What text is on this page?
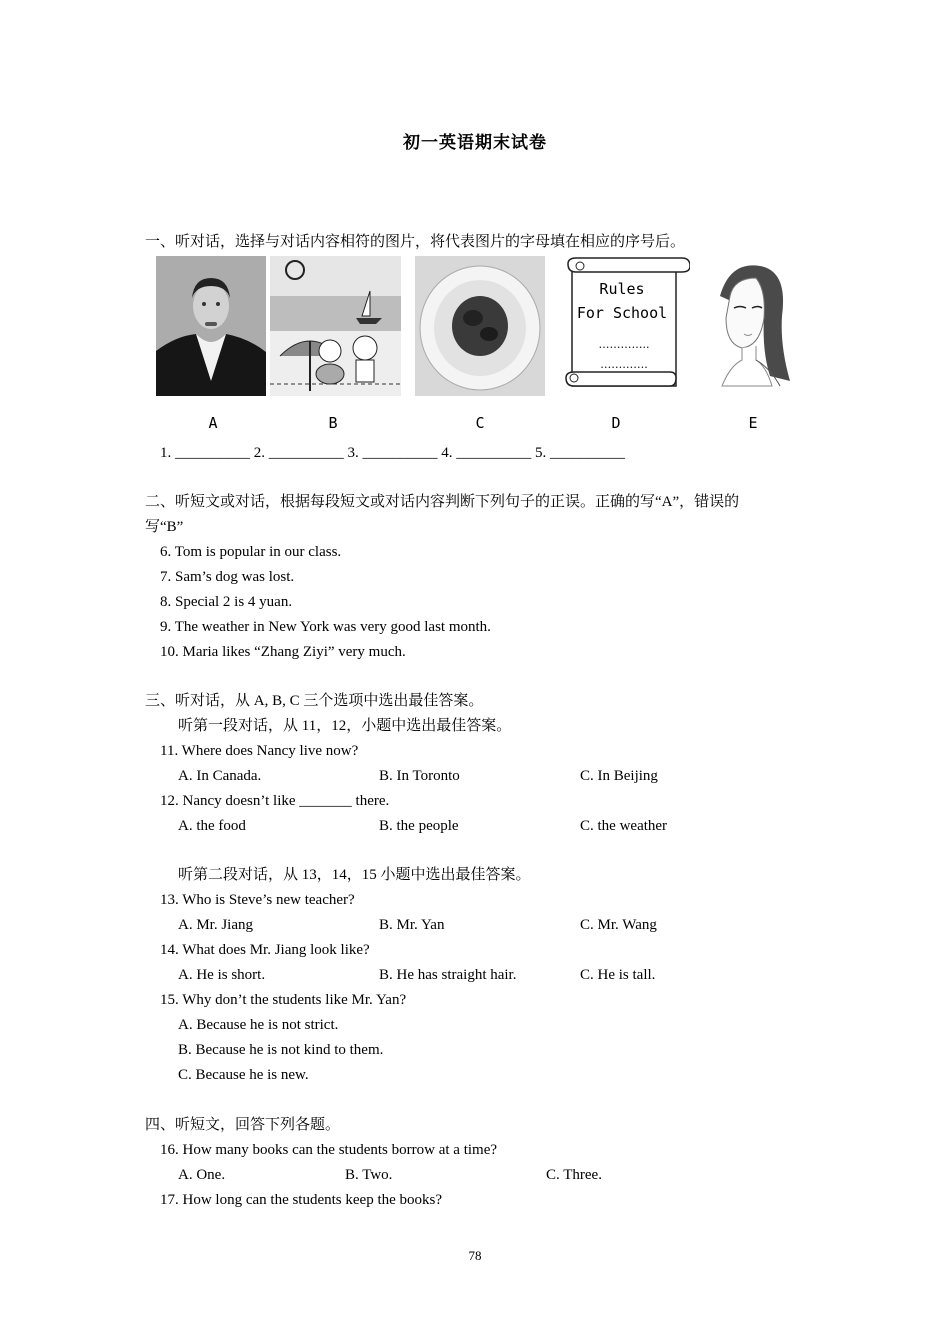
初一英语期末试卷
一、听对话，选择与对话内容相符的图片，将代表图片的字母填在相应的序号后。
Rules
For School
…………..
………….
A	B	C	D	E
1. __________ 2. __________ 3. __________ 4. __________ 5. __________
二、听短文或对话，根据每段短文或对话内容判断下列句子的正误。正确的写“A”，错误的
写“B”
6. Tom is popular in our class.
7. Sam’s dog was lost.
8. Special 2 is 4 yuan.
9. The weather in New York was very good last month.
10. Maria likes “Zhang Ziyi” very much.
三、听对话，从 A, B, C 三个选项中选出最佳答案。
听第一段对话，从 11，12，小题中选出最佳答案。
11. Where does Nancy live now?
A. In Canada.	B. In Toronto	C. In Beijing
12. Nancy doesn’t like _______ there.
A. the food	B. the people	C. the weather
听第二段对话，从 13，14，15 小题中选出最佳答案。
13. Who is Steve’s new teacher?
A. Mr. Jiang	B. Mr. Yan	C. Mr. Wang
14. What does Mr. Jiang look like?
A. He is short.	B. He has straight hair.	C. He is tall.
15. Why don’t the students like Mr. Yan?
A. Because he is not strict.
B. Because he is not kind to them.
C. Because he is new.
四、听短文，回答下列各题。
16. How many books can the students borrow at a time?
A. One.	B. Two.	C. Three.
17. How long can the students keep the books?
78
